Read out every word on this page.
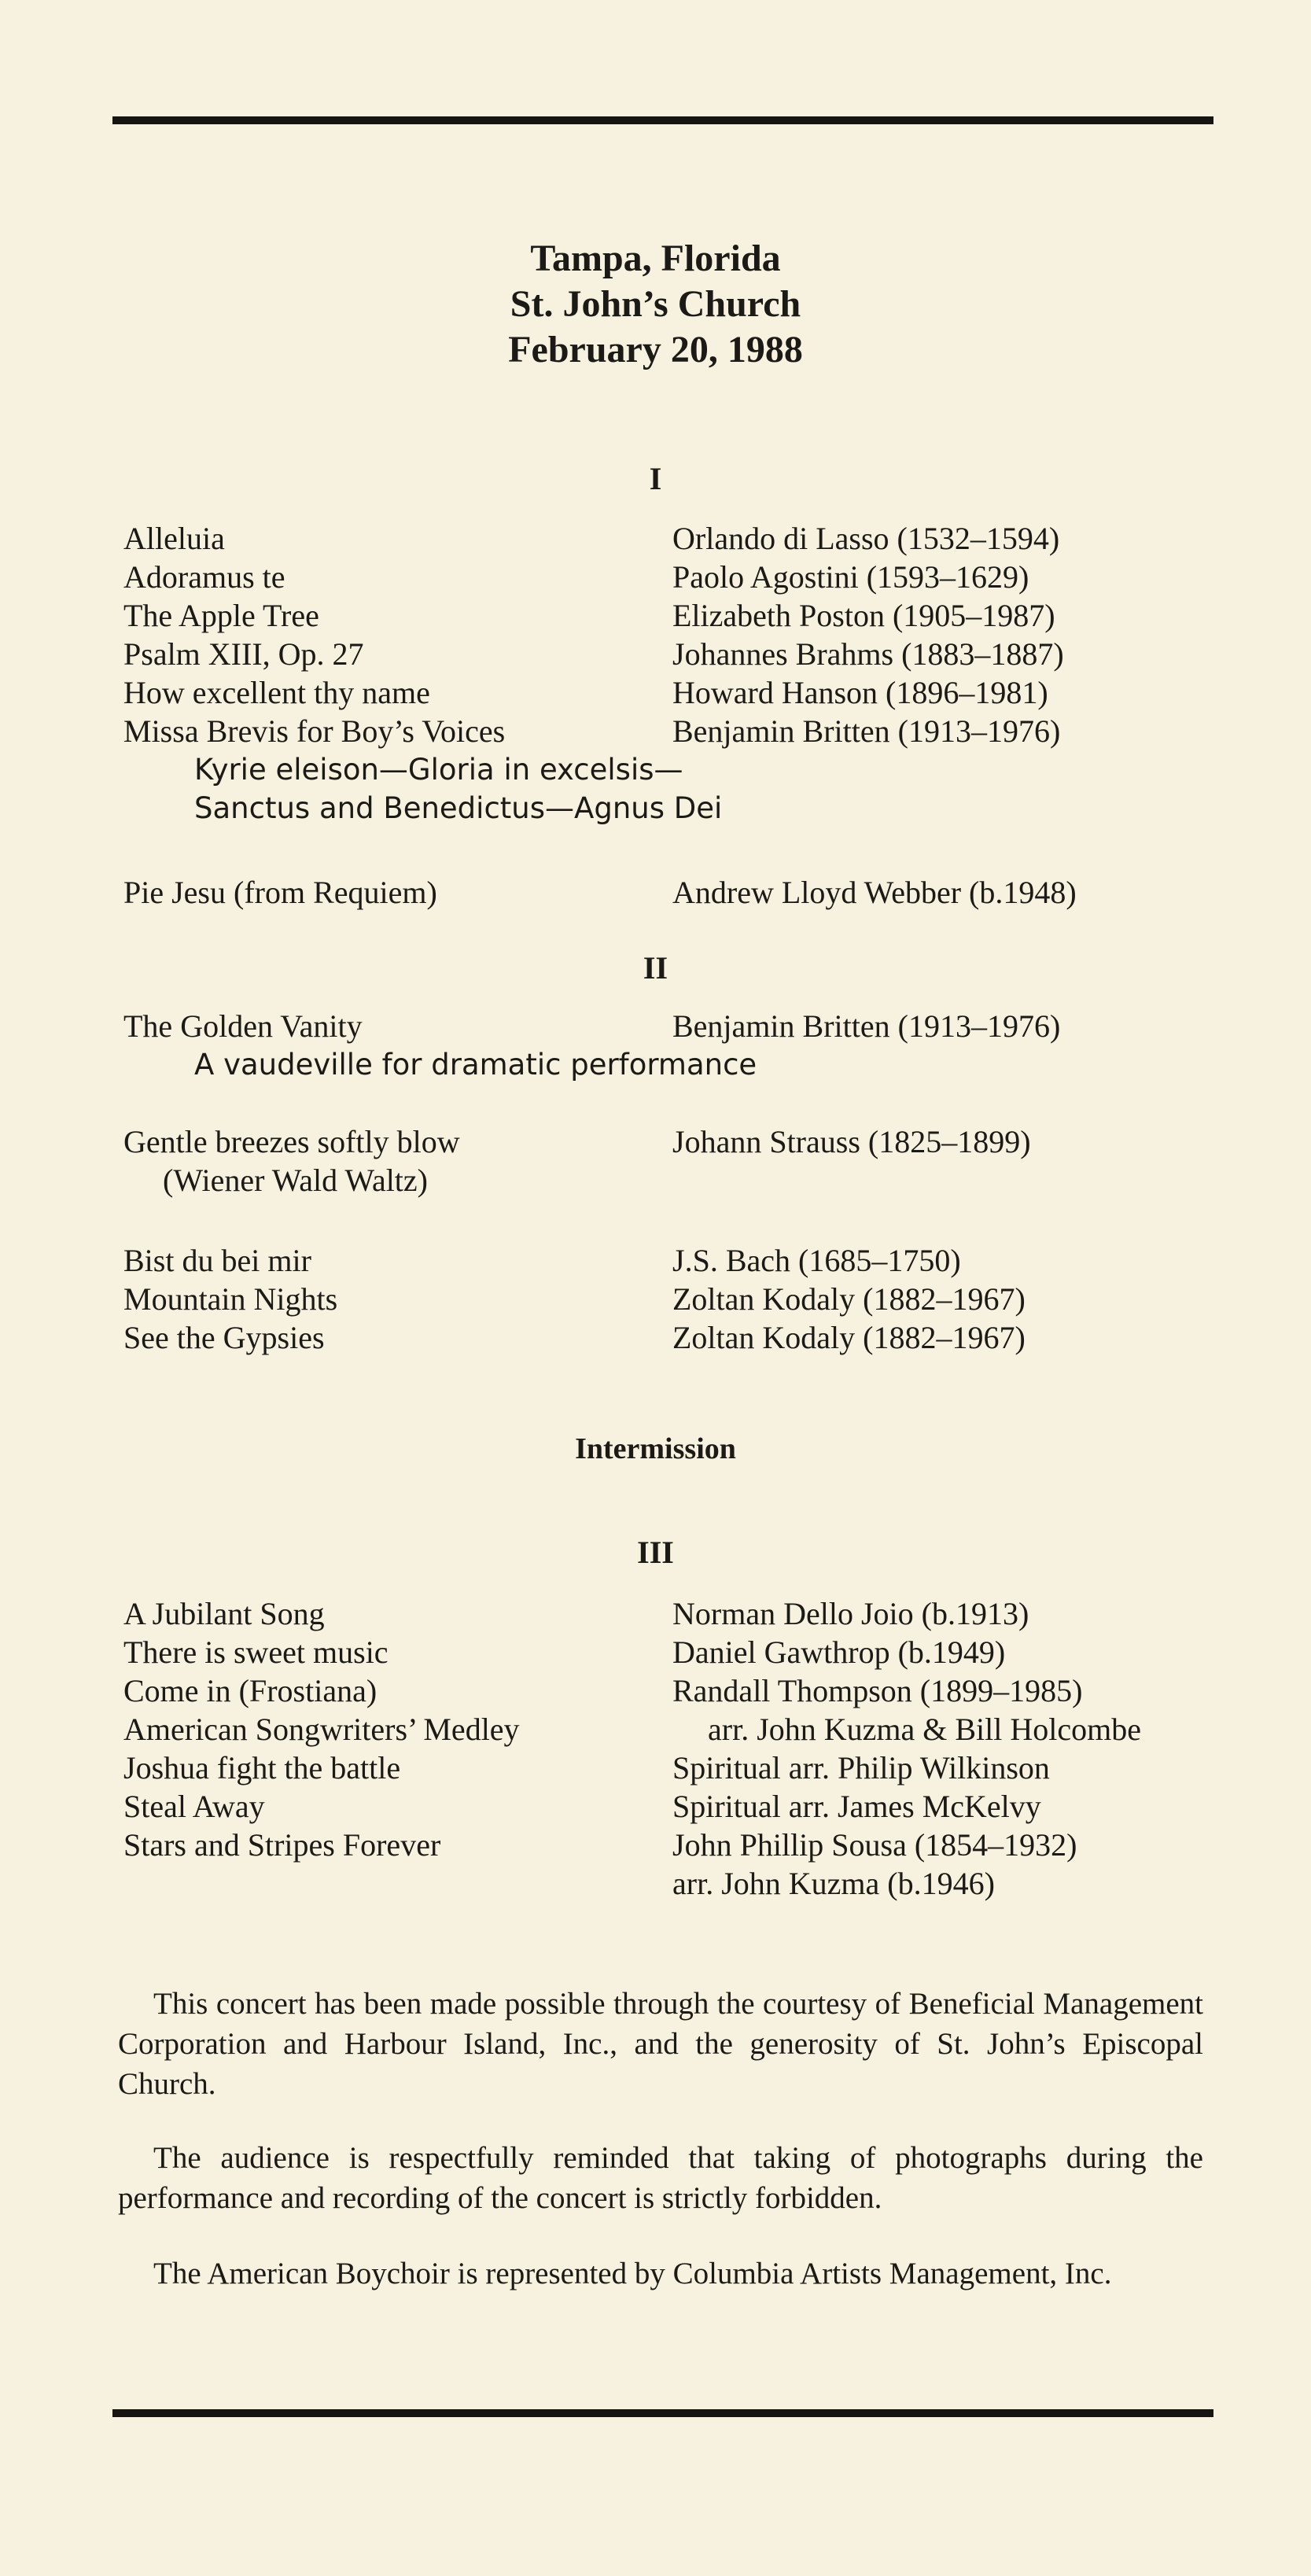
Tampa, Florida
St. John’s Church
February 20, 1988
I
Alleluia	Orlando di Lasso (1532–1594)
Adoramus te	Paolo Agostini (1593–1629)
The Apple Tree	Elizabeth Poston (1905–1987)
Psalm XIII, Op. 27	Johannes Brahms (1883–1887)
How excellent thy name	Howard Hanson (1896–1981)
Missa Brevis for Boy’s Voices	Benjamin Britten (1913–1976)
Kyrie eleison—Gloria in excelsis—
Sanctus and Benedictus—Agnus Dei
Pie Jesu (from Requiem)	Andrew Lloyd Webber (b.1948)
II
The Golden Vanity	Benjamin Britten (1913–1976)
A vaudeville for dramatic performance
Gentle breezes softly blow	Johann Strauss (1825–1899)
(Wiener Wald Waltz)
Bist du bei mir	J.S. Bach (1685–1750)
Mountain Nights	Zoltan Kodaly (1882–1967)
See the Gypsies	Zoltan Kodaly (1882–1967)
Intermission
III
A Jubilant Song	Norman Dello Joio (b.1913)
There is sweet music	Daniel Gawthrop (b.1949)
Come in (Frostiana)	Randall Thompson (1899–1985)
American Songwriters’ Medley	arr. John Kuzma & Bill Holcombe
Joshua fight the battle	Spiritual arr. Philip Wilkinson
Steal Away	Spiritual arr. James McKelvy
Stars and Stripes Forever	John Phillip Sousa (1854–1932)
arr. John Kuzma (b.1946)
This concert has been made possible through the courtesy of Beneficial Management Corporation and Harbour Island, Inc., and the generosity of St. John’s Episcopal Church.
The audience is respectfully reminded that taking of photographs during the performance and recording of the concert is strictly forbidden.
The American Boychoir is represented by Columbia Artists Management, Inc.
